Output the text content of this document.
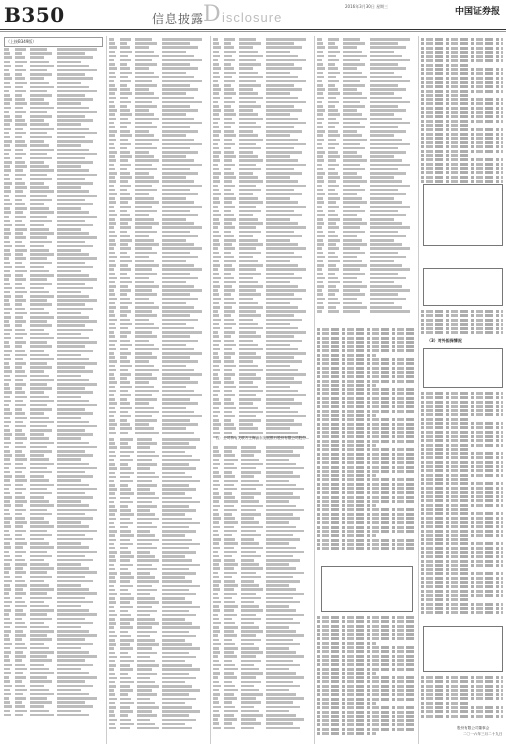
B350	信息披露
D isclosure
2016年3月30日 星期三
中国证券报
（上接B349版）
（3）对外担保情况
股份有限公司董事会
二〇一六年三月二十九日
注：公司持有关联方上海浦东发展银行股份有限公司股份...
